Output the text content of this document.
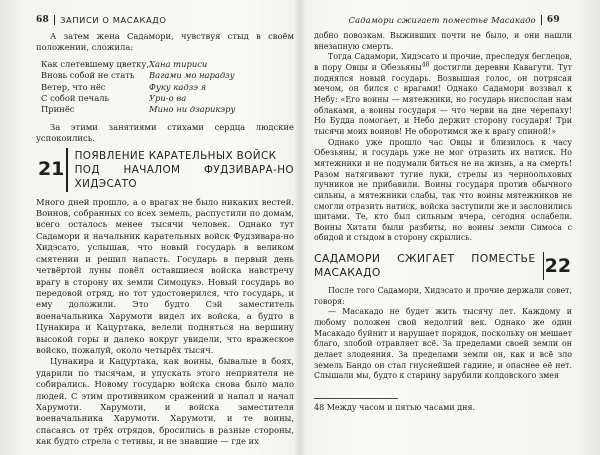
68 ЗАПИСИ О МАСАКАДО

А затем жена Садамори, чувствуя стыд в своём положении, сложила:

Как слетевшему цветку, Хана тириси
Вновь собой не стать	Вагами мо нарадзу
Ветер, что нёс	Фуку кадзэ я
С собой печаль	Ури-о ва
Принёс	Мино ни дзарикэру

За этими занятиями стихами сердца людские успокоились.

21
ПОЯВЛЕНИЕ КАРАТЕЛЬНЫХ ВОЙСК
ПОД НАЧАЛОМ ФУДЗИВАРА-НО ХИДЭСАТО

Много дней прошло, а о врагах не было никаких вестей. Воинов, собранных со всех земель, распустили по домам, всего осталось менее тысячи человек. Однако тут Садамори и начальник карательных войск Фудзивара-но Хидэсато, услышав, что новый государь в великом смятении и решил напасть. Государь в первый день четвёртой луны повёл оставшиеся войска навстречу врагу в сторону их земли Симоцукэ. Новый государь во передовой отряд, но тот удостоверился, что государь, и ему доложили. Это будто Сэй заместитель военачальника Харумоти видел их войска, а будто в Цунакира и Кацуртака, велели подняться на вершину высокой горы и далеко вокруг увидели, что вражеское войско, пожалуй, около четырёх тысяч.

Цунакира и Кацуртака, как воины, бывалые в боях, ударили по тысячам, и упускать этого неприятеля не собирались. Новому государю войска снова было мало людей. С этим противником сражений и напал и начал Харумоти. Харумоти, и войска заместителя военачальника Харумоти. Харумоти, и те воины, спасаясь от трёх отрядов, бросились в разные стороны, как будто стрела с тетивы, и не знавшие — где их

Садамори сжигает поместье Масакадо 69

добно повозкам. Выживших почти не было, и они нашли внезапную смерть.

Тогда Садамори, Хидэсато и прочие, преследуя беглецов, в пору Овцы и Обезьяны$^{48}$ достигли деревни Кавагути. Тут поднялся новый государь. Возвышая голос, он потрясая мечом, он бился с врагами! Однако Садамори воззвал к Небу: «Его воины — мятежники, но государь ниспослан нам облаками, а воины государя — что черви на дне черепаху! Но Будда помогает, и Небо держит сторону государя! Три тысячи моих воинов! Не оборотимся же к врагу спиной!»

Однако уже прошло час Овцы и близилось к часу Обезьяны, и государь уже не мог отразить их натиск. Но мятежники и не подумали биться не на жизнь, а на смерть! Разом натягивают тугие луки, стрелы из черноольховых лучников не прибавили. Воины государя против обычного сильны, а мятежники слабы, так что воины мятежников не смогли отразить натиск, войска заступили же и заслонились щитами. Те, кто был сильным вчера, сегодня ослабели. Воины Хитати были разбиты, но воины земли Симоса с обидой и стыдом в сторону скрылись.

САДАМОРИ СЖИГАЕТ ПОМЕСТЬЕ МАСАКАДО	22

После того Садамори, Хидэсато и прочие держали совет, говоря:

— Масакадо не будет жить тысячу лет. Каждому и любому положен свой недолгий век. Однако же один Масакадо буйнит и нарушает порядок, поскольку он мешает благо, злобой отравляет всё. За пределами своей земли он делает злодеяния. За пределами земли он, как и всё зло земель Бандо он стал гнуснейшей гадине, и опаснее её нет. Слышали мы, будто к старину зарубили колдовского змея

48 Между часом и пятью часами дня.
